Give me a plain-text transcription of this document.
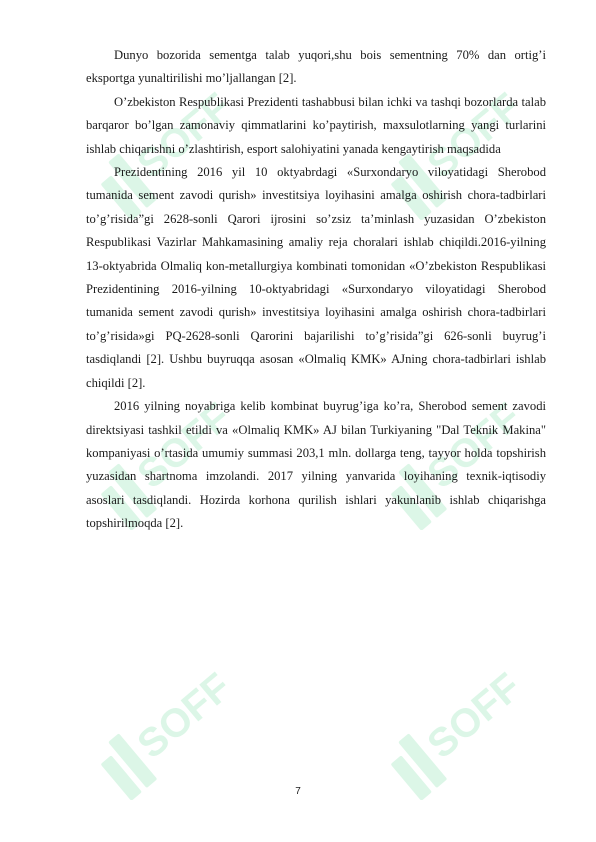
SOFF	SOFF
SOFF	SOFF
SOFF	SOFF

Dunyo bozorida sementga talab yuqori,shu bois sementning 70% dan ortig’i eksportga yunaltirilishi mo’ljallangan [2].

O’zbekiston Respublikasi Prezidenti tashabbusi bilan ichki va tashqi bozorlarda talab barqaror bo’lgan zamonaviy qimmatlarini ko’paytirish, maxsulotlarning yangi turlarini ishlab chiqarishni o’zlashtirish, esport salohiyatini yanada kengaytirish maqsadida

Prezidentining 2016 yil 10 oktyabrdagi «Surxondaryo viloyatidagi Sherobod tumanida sement zavodi qurish» investitsiya loyihasini amalga oshirish chora-tadbirlari to’g’risida”gi 2628-sonli Qarori ijrosini so’zsiz ta’minlash yuzasidan O’zbekiston Respublikasi Vazirlar Mahkamasining amaliy reja choralari ishlab chiqildi.2016-yilning 13-oktyabrida Olmaliq kon-metallurgiya kombinati tomonidan «O’zbekiston Respublikasi Prezidentining 2016-yilning 10-oktyabridagi «Surxondaryo viloyatidagi Sherobod tumanida sement zavodi qurish» investitsiya loyihasini amalga oshirish chora-tadbirlari to’g’risida»gi PQ-2628-sonli Qarorini bajarilishi to’g’risida”gi 626-sonli buyrug’i tasdiqlandi [2]. Ushbu buyruqqa asosan «Olmaliq KMK» AJning chora-tadbirlari ishlab chiqildi [2].

2016 yilning noyabriga kelib kombinat buyrug’iga ko’ra, Sherobod sement zavodi direktsiyasi tashkil etildi va «Olmaliq KMK» AJ bilan Turkiyaning "Dal Teknik Makina" kompaniyasi o’rtasida umumiy summasi 203,1 mln. dollarga teng, tayyor holda topshirish yuzasidan shartnoma imzolandi. 2017 yilning yanvarida loyihaning texnik-iqtisodiy asoslari tasdiqlandi. Hozirda korhona qurilish ishlari yakunlanib ishlab chiqarishga topshirilmoqda [2].

7
